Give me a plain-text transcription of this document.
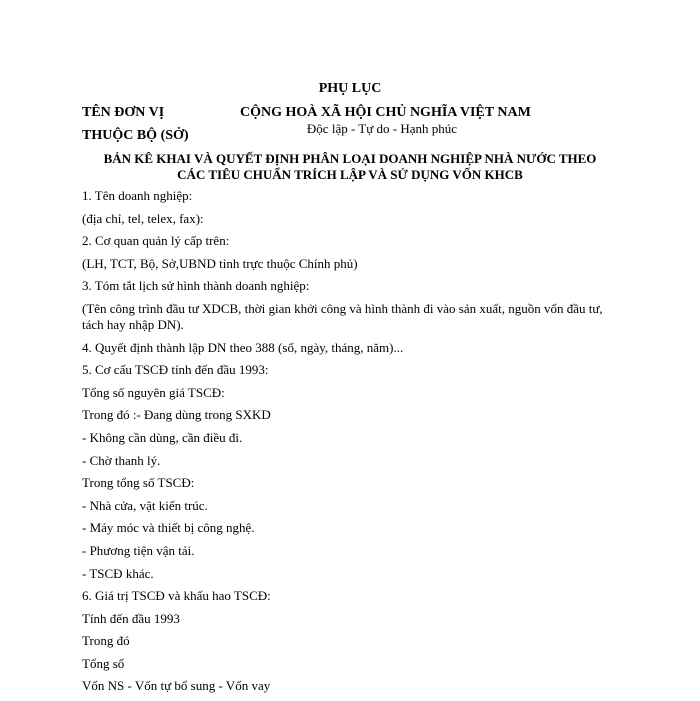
PHỤ LỤC
TÊN ĐƠN VỊ
THUỘC BỘ (SỞ)
CỘNG HOÀ XÃ HỘI CHỦ NGHĨA VIỆT NAM
Độc lập - Tự do - Hạnh phúc
BẢN KÊ KHAI VÀ QUYẾT ĐỊNH PHÂN LOẠI DOANH NGHIỆP NHÀ NƯỚC THEO
CÁC TIÊU CHUẨN TRÍCH LẬP VÀ SỬ DỤNG VỐN KHCB

1. Tên doanh nghiệp:

(địa chỉ, tel, telex, fax):

2. Cơ quan quản lý cấp trên:

(LH, TCT, Bộ, Sở,UBND tỉnh trực thuộc Chính phủ)

3. Tóm tắt lịch sử hình thành doanh nghiệp:

(Tên công trình đầu tư XDCB, thời gian khởi công và hình thành đi vào sản xuất, nguồn vốn đầu tư, tách hay nhập DN).

4. Quyết định thành lập DN theo 388 (số, ngày, tháng, năm)...

5. Cơ cấu TSCĐ tính đến đầu 1993:

Tổng số nguyên giá TSCĐ:

Trong đó :- Đang dùng trong SXKD

- Không cần dùng, cần điều đi.

- Chờ thanh lý.

Trong tổng số TSCĐ:

- Nhà cửa, vật kiến trúc.

- Máy móc và thiết bị công nghệ.

- Phương tiện vận tải.

- TSCĐ khác.

6. Giá trị TSCĐ và khấu hao TSCĐ:

Tính đến đầu 1993

Trong đó

Tổng số

Vốn NS - Vốn tự bổ sung - Vốn vay
